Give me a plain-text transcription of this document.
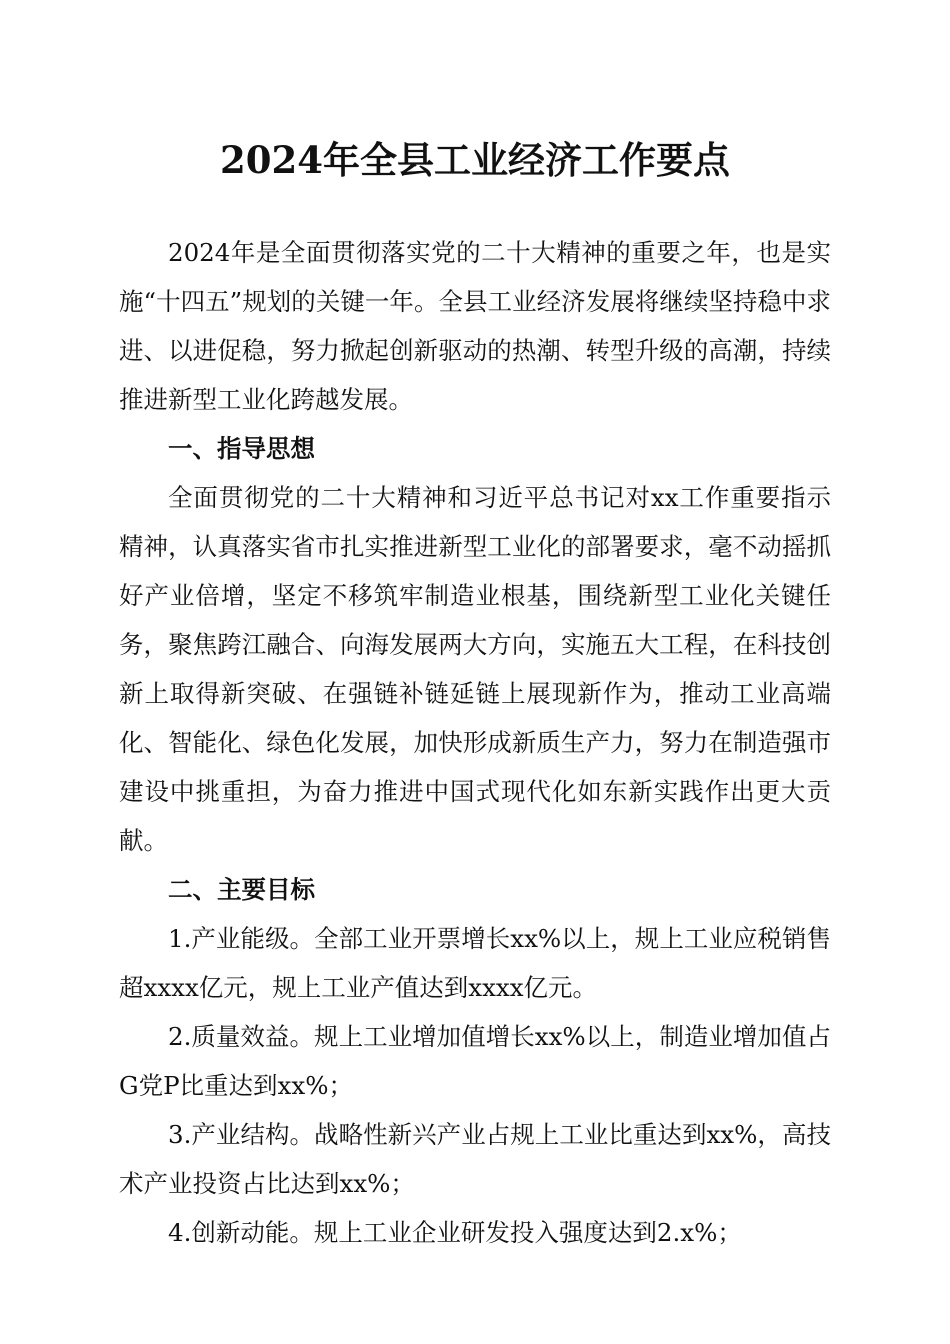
2024年全县工业经济工作要点

2024年是全面贯彻落实党的二十大精神的重要之年，也是实施“十四五”规划的关键一年。全县工业经济发展将继续坚持稳中求进、以进促稳，努力掀起创新驱动的热潮、转型升级的高潮，持续推进新型工业化跨越发展。

一、指导思想

全面贯彻党的二十大精神和习近平总书记对xx工作重要指示精神，认真落实省市扎实推进新型工业化的部署要求，毫不动摇抓好产业倍增，坚定不移筑牢制造业根基，围绕新型工业化关键任务，聚焦跨江融合、向海发展两大方向，实施五大工程，在科技创新上取得新突破、在强链补链延链上展现新作为，推动工业高端化、智能化、绿色化发展，加快形成新质生产力，努力在制造强市建设中挑重担，为奋力推进中国式现代化如东新实践作出更大贡献。

二、主要目标

1.产业能级。全部工业开票增长xx%以上，规上工业应税销售超xxxx亿元，规上工业产值达到xxxx亿元。

2.质量效益。规上工业增加值增长xx%以上，制造业增加值占G党P比重达到xx%；

3.产业结构。战略性新兴产业占规上工业比重达到xx%，高技术产业投资占比达到xx%；

4.创新动能。规上工业企业研发投入强度达到2.x%；
